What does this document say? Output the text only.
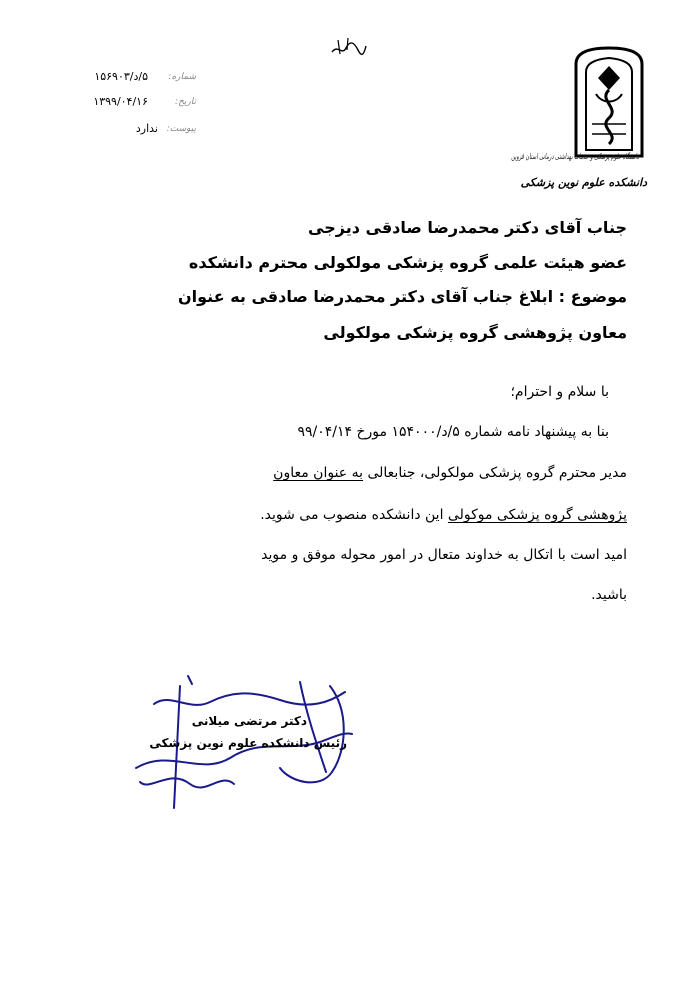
دانشگاه علوم پزشکی و خدمات بهداشتی درمانی استان قزوین
دانشکده علوم نوین پزشکی
شماره:
۵/د/۱۵۶۹۰۳
تاریخ:
۱۳۹۹/۰۴/۱۶
پیوست:
ندارد
جناب آقای دکتر محمدرضا صادقی دیزجی
عضو هیئت علمی گروه پزشکی مولکولی محترم دانشکده
موضوع : ابلاغ جناب آقای دکتر محمدرضا صادقی به عنوان
معاون پژوهشی گروه پزشکی مولکولی
با سلام و احترام؛
بنا به پیشنهاد نامه شماره ۵/د/۱۵۴۰۰۰ مورخ ۹۹/۰۴/۱۴
مدیر محترم گروه پزشکی مولکولی، جنابعالی به عنوان معاون
پژوهشی گروه پزشکی موکولی این دانشکده منصوب می شوید.
امید است با اتکال به خداوند متعال در امور محوله موفق و موید
باشید.
دکتر مرتضی میلانی
رئیس دانشکده علوم نوین پزشکی
